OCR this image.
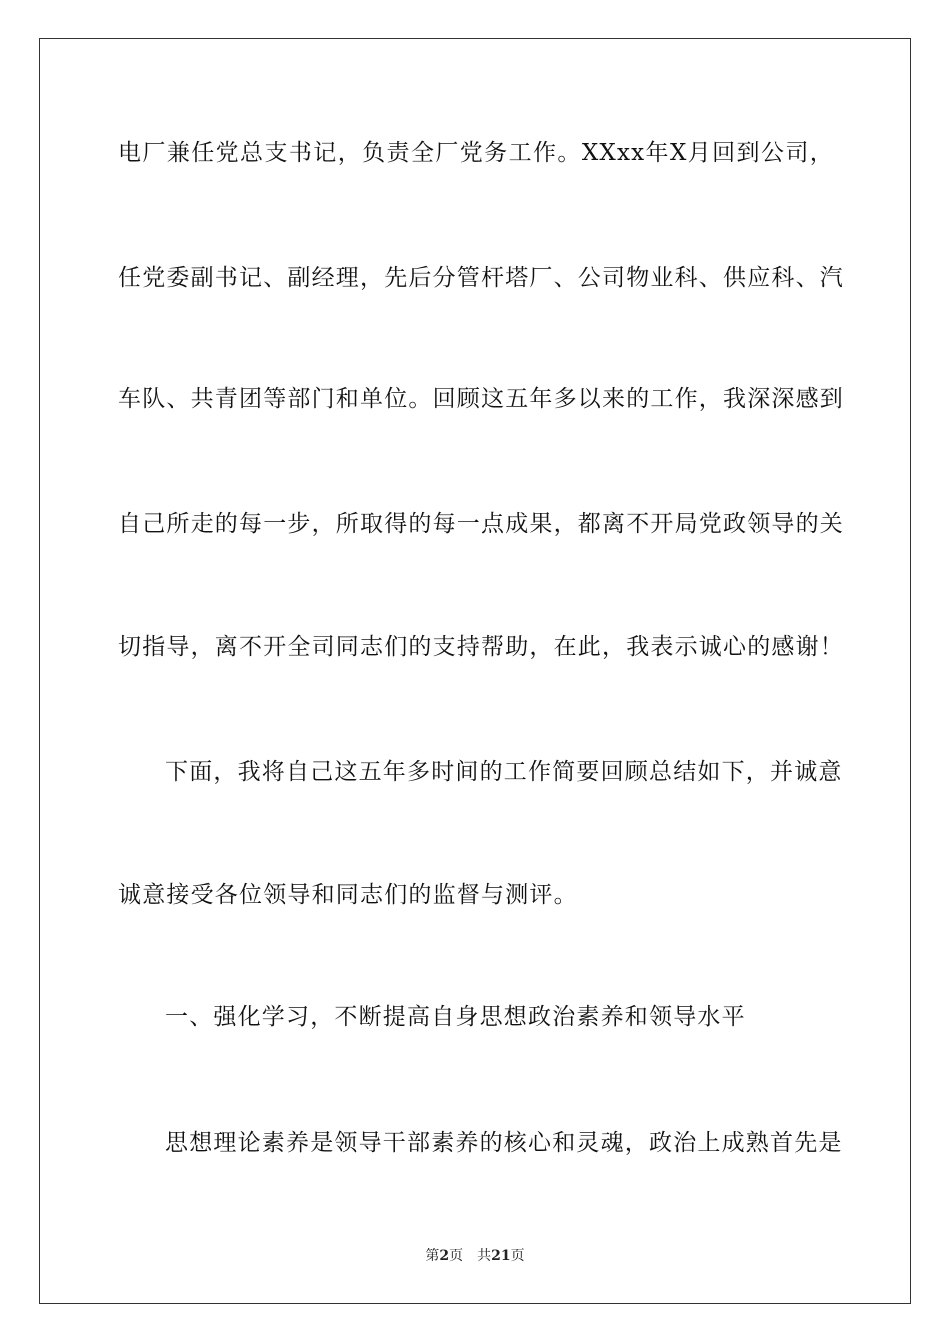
电厂兼任党总支书记，负责全厂党务工作。XXxx年X月回到公司，
任党委副书记、副经理，先后分管杆塔厂、公司物业科、供应科、汽
车队、共青团等部门和单位。回顾这五年多以来的工作，我深深感到
自己所走的每一步，所取得的每一点成果，都离不开局党政领导的关
切指导，离不开全司同志们的支持帮助，在此，我表示诚心的感谢！
下面，我将自己这五年多时间的工作简要回顾总结如下，并诚意
诚意接受各位领导和同志们的监督与测评。
一、强化学习，不断提高自身思想政治素养和领导水平
思想理论素养是领导干部素养的核心和灵魂，政治上成熟首先是
第2页 共21页
